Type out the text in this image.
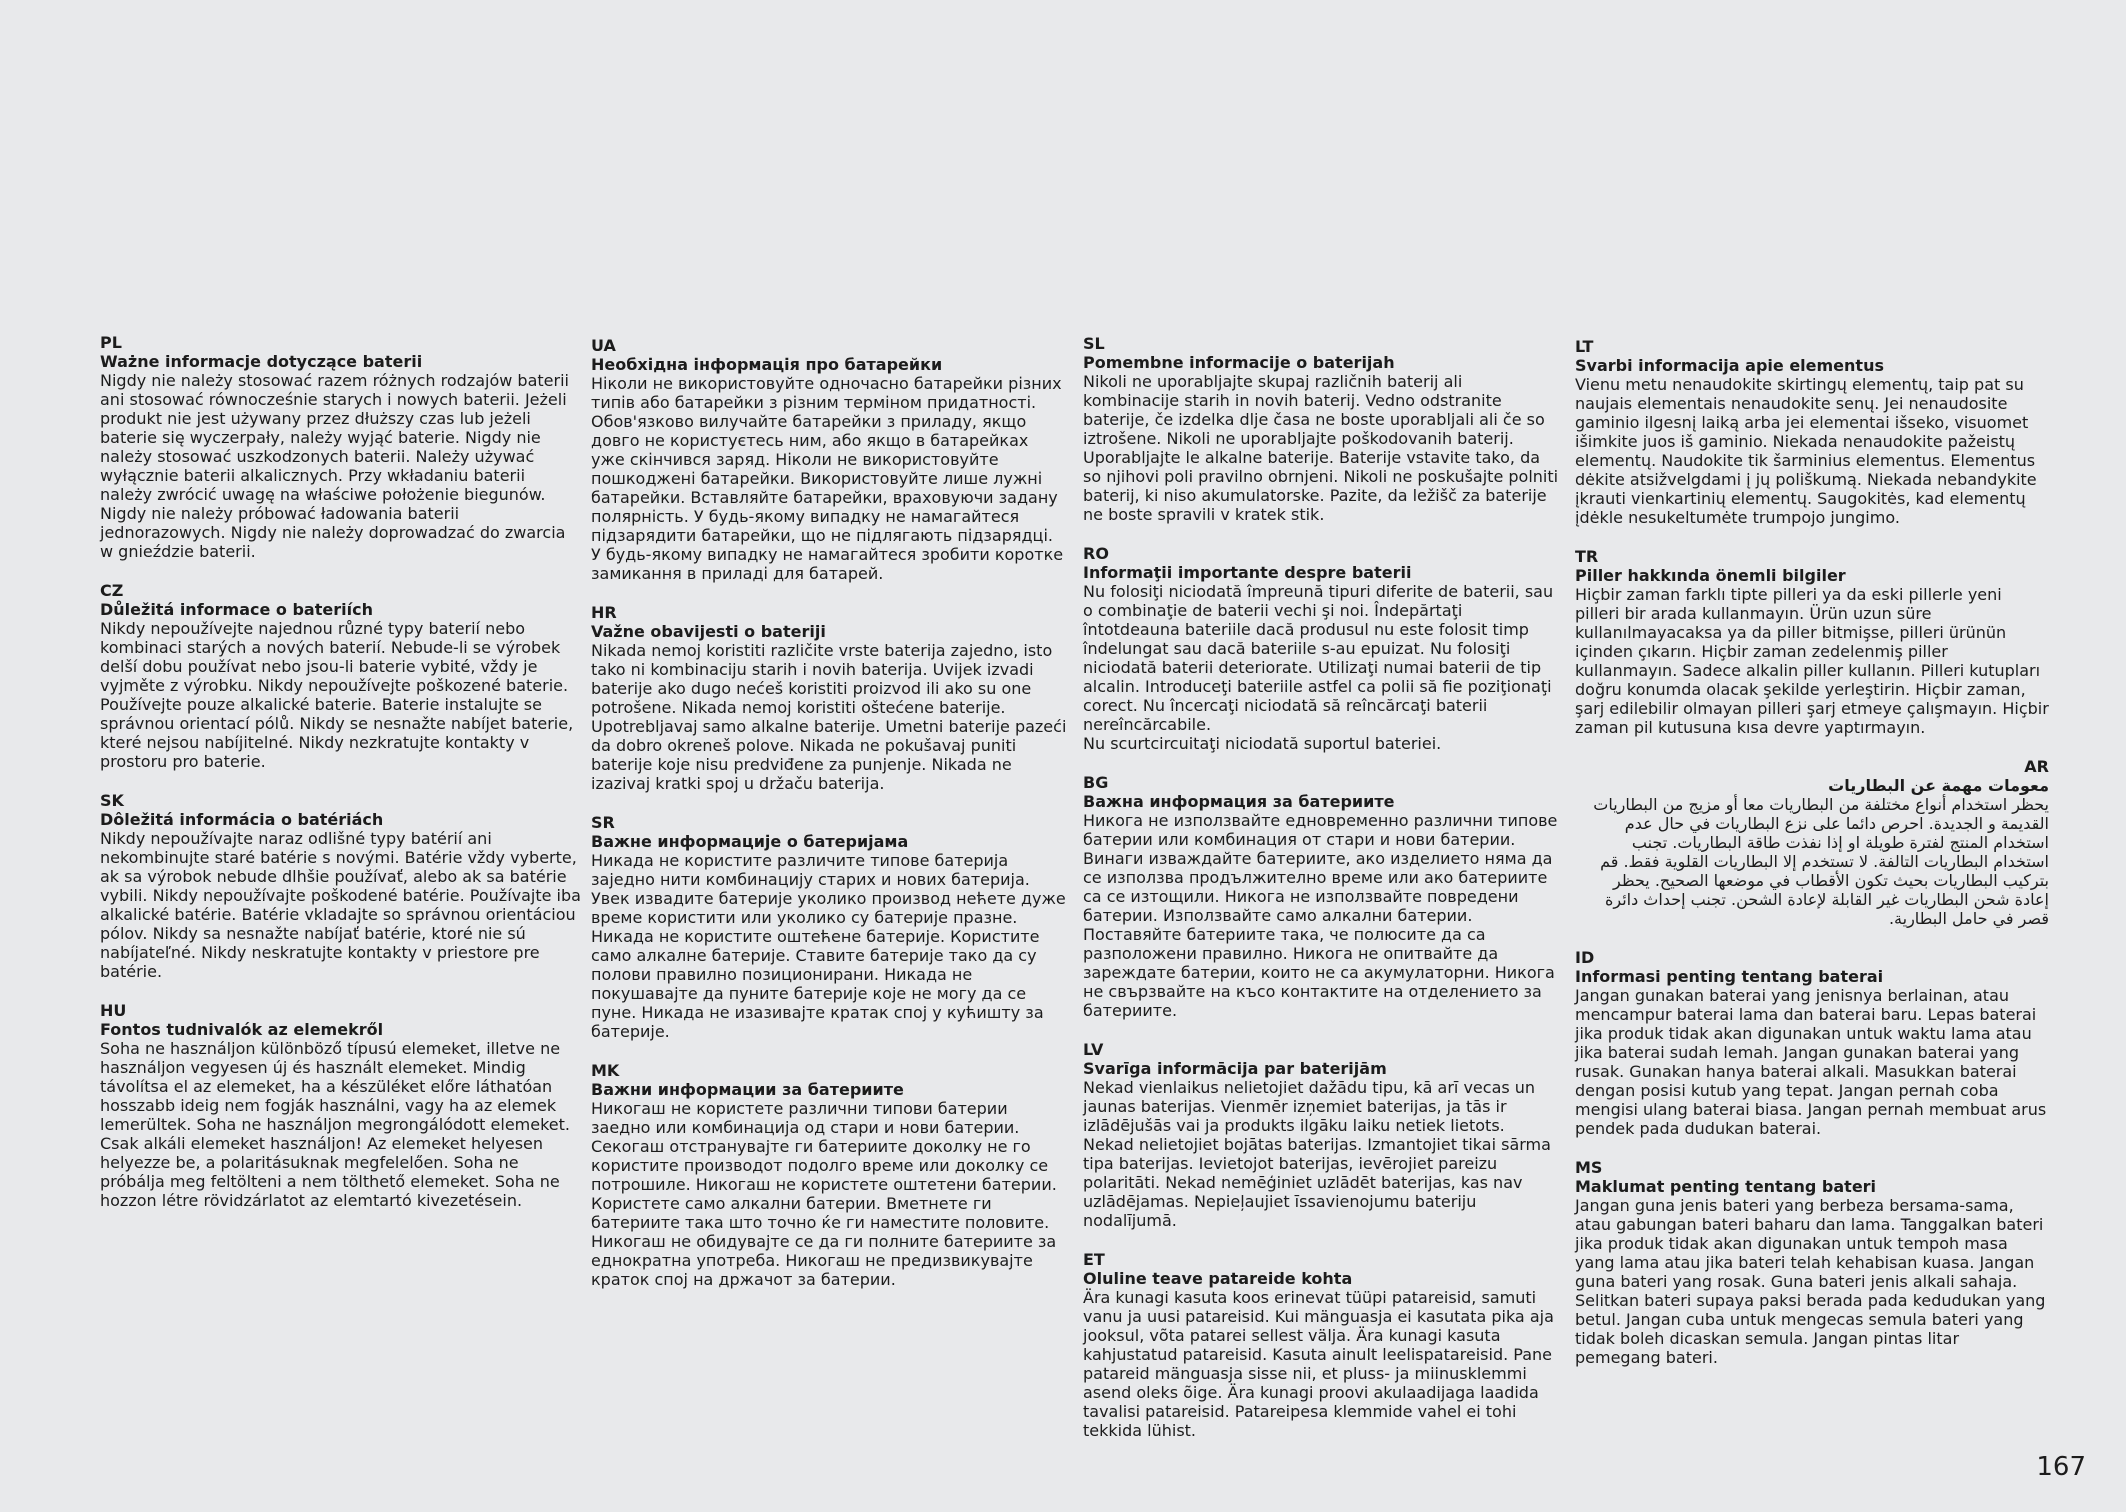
PL
Ważne informacje dotyczące baterii

Nigdy nie należy stosować razem różnych rodzajów baterii ani stosować równocześnie starych i nowych baterii. Jeżeli produkt nie jest używany przez dłuższy czas lub jeżeli baterie się wyczerpały, należy wyjąć baterie. Nigdy nie należy stosować uszkodzonych baterii. Należy używać wyłącznie baterii alkalicznych. Przy wkładaniu baterii należy zwrócić uwagę na właściwe położenie biegunów. Nigdy nie należy próbować ładowania baterii jednorazowych. Nigdy nie należy doprowadzać do zwarcia w gnieździe baterii.

CZ
Důležitá informace o bateriích

Nikdy nepoužívejte najednou různé typy baterií nebo kombinaci starých a nových baterií. Nebude-li se výrobek delší dobu používat nebo jsou-li baterie vybité, vždy je vyjměte z výrobku. Nikdy nepoužívejte poškozené baterie. Používejte pouze alkalické baterie. Baterie instalujte se správnou orientací pólů. Nikdy se nesnažte nabíjet baterie, které nejsou nabíjitelné. Nikdy nezkratujte kontakty v prostoru pro baterie.

SK
Dôležitá informácia o batériách

Nikdy nepoužívajte naraz odlišné typy batérií ani nekombinujte staré batérie s novými. Batérie vždy vyberte, ak sa výrobok nebude dlhšie používať, alebo ak sa batérie vybili. Nikdy nepoužívajte poškodené batérie. Používajte iba alkalické batérie. Batérie vkladajte so správnou orientáciou pólov. Nikdy sa nesnažte nabíjať batérie, ktoré nie sú nabíjateľné. Nikdy neskratujte kontakty v priestore pre batérie.

HU
Fontos tudnivalók az elemekről

Soha ne használjon különböző típusú elemeket, illetve ne használjon vegyesen új és használt elemeket. Mindig távolítsa el az elemeket, ha a készüléket előre láthatóan hosszabb ideig nem fogják használni, vagy ha az elemek lemerültek. Soha ne használjon megrongálódott elemeket. Csak alkáli elemeket használjon! Az elemeket helyesen helyezze be, a polaritásuknak megfelelően. Soha ne próbálja meg feltölteni a nem tölthető elemeket. Soha ne hozzon létre rövidzárlatot az elemtartó kivezetésein.

UA
Необхідна інформація про батарейки

Ніколи не використовуйте одночасно батарейки різних типів або батарейки з різним терміном придатності. Обов'язково вилучайте батарейки з приладу, якщо довго не користуєтесь ним, або якщо в батарейках уже скінчився заряд. Ніколи не використовуйте пошкоджені батарейки. Використовуйте лише лужні батарейки. Вставляйте батарейки, враховуючи задану полярність. У будь-якому випадку не намагайтеся підзарядити батарейки, що не підлягають підзарядці. У будь-якому випадку не намагайтеся зробити коротке замикання в приладі для батарей.

HR
Važne obavijesti o bateriji

Nikada nemoj koristiti različite vrste baterija zajedno, isto tako ni kombinaciju starih i novih baterija. Uvijek izvadi baterije ako dugo nećeš koristiti proizvod ili ako su one potrošene. Nikada nemoj koristiti oštećene baterije. Upotrebljavaj samo alkalne baterije. Umetni baterije pazeći da dobro okreneš polove. Nikada ne pokušavaj puniti baterije koje nisu predviđene za punjenje. Nikada ne izazivaj kratki spoj u držaču baterija.

SR
Важне информације о батеријама

Никада не користите различите типове батерија заједно нити комбинацију старих и нових батерија. Увек извадите батерије уколико производ нећете дуже време користити или уколико су батерије празне. Никада не користите оштећене батерије. Користите само алкалне батерије. Ставите батерије тако да су полови правилно позиционирани. Никада не покушавајте да пуните батерије које не могу да се пуне. Никада не изазивајте кратак спој у кућишту за батерије.

MK
Важни информации за батериите

Никогаш не користете различни типови батерии заедно или комбинација од стари и нови батерии. Секогаш отстранувајте ги батериите доколку не го користите производот подолго време или доколку се потрошиле. Никогаш не користете оштетени батерии. Користете само алкални батерии. Вметнете ги батериите така што точно ќе ги наместите половите. Никогаш не обидувајте се да ги полните батериите за еднократна употреба. Никогаш не предизвикувајте краток спој на држачот за батерии.

SL
Pomembne informacije o baterijah

Nikoli ne uporabljajte skupaj različnih baterij ali kombinacije starih in novih baterij. Vedno odstranite baterije, če izdelka dlje časa ne boste uporabljali ali če so iztrošene. Nikoli ne uporabljajte poškodovanih baterij. Uporabljajte le alkalne baterije. Baterije vstavite tako, da so njihovi poli pravilno obrnjeni. Nikoli ne poskušajte polniti baterij, ki niso akumulatorske. Pazite, da ležišč za baterije ne boste spravili v kratek stik.

RO
Informaţii importante despre baterii

Nu folosiţi niciodată împreună tipuri diferite de baterii, sau o combinaţie de baterii vechi şi noi. Îndepărtaţi întotdeauna bateriile dacă produsul nu este folosit timp îndelungat sau dacă bateriile s-au epuizat. Nu folosiţi niciodată baterii deteriorate. Utilizaţi numai baterii de tip alcalin. Introduceţi bateriile astfel ca polii să fie poziţionaţi corect. Nu încercaţi niciodată să reîncărcaţi baterii nereîncărcabile.

Nu scurtcircuitaţi niciodată suportul bateriei.

BG
Важна информация за батериите

Никога не използвайте едновременно различни типове батерии или комбинация от стари и нови батерии. Винаги изваждайте батериите, ако изделието няма да се използва продължително време или ако батериите са се изтощили. Никога не използвайте повредени батерии. Използвайте само алкални батерии. Поставяйте батериите така, че полюсите да са разположени правилно. Никога не опитвайте да зареждате батерии, които не са акумулаторни. Никога не свързвайте на късо контактите на отделението за батериите.

LV
Svarīga informācija par baterijām

Nekad vienlaikus nelietojiet dažādu tipu, kā arī vecas un jaunas baterijas. Vienmēr izņemiet baterijas, ja tās ir izlādējušās vai ja produkts ilgāku laiku netiek lietots. Nekad nelietojiet bojātas baterijas. Izmantojiet tikai sārma tipa baterijas. Ievietojot baterijas, ievērojiet pareizu polaritāti. Nekad nemēģiniet uzlādēt baterijas, kas nav uzlādējamas. Nepieļaujiet īssavienojumu bateriju nodalījumā.

ET
Oluline teave patareide kohta

Ära kunagi kasuta koos erinevat tüüpi patareisid, samuti vanu ja uusi patareisid. Kui mänguasja ei kasutata pika aja jooksul, võta patarei sellest välja. Ära kunagi kasuta kahjustatud patareisid. Kasuta ainult leelispatareisid. Pane patareid mänguasja sisse nii, et pluss- ja miinusklemmi asend oleks õige. Ära kunagi proovi akulaadijaga laadida tavalisi patareisid. Patareipesa klemmide vahel ei tohi tekkida lühist.

LT
Svarbi informacija apie elementus

Vienu metu nenaudokite skirtingų elementų, taip pat su naujais elementais nenaudokite senų. Jei nenaudosite gaminio ilgesnį laiką arba jei elementai išseko, visuomet išimkite juos iš gaminio. Niekada nenaudokite pažeistų elementų. Naudokite tik šarminius elementus. Elementus dėkite atsižvelgdami į jų poliškumą. Niekada nebandykite įkrauti vienkartinių elementų. Saugokitės, kad elementų įdėkle nesukeltumėte trumpojo jungimo.

TR
Piller hakkında önemli bilgiler

Hiçbir zaman farklı tipte pilleri ya da eski pillerle yeni pilleri bir arada kullanmayın. Ürün uzun süre kullanılmayacaksa ya da piller bitmişse, pilleri ürünün içinden çıkarın. Hiçbir zaman zedelenmiş piller kullanmayın. Sadece alkalin piller kullanın. Pilleri kutupları doğru konumda olacak şekilde yerleştirin. Hiçbir zaman, şarj edilebilir olmayan pilleri şarj etmeye çalışmayın. Hiçbir zaman pil kutusuna kısa devre yaptırmayın.

AR
معومات مهمة عن البطاريات

يحظر استخدام أنواع مختلفة من البطاريات معا أو مزيج من البطاريات القديمة و الجديدة. احرص دائما على نزع البطاريات في حال عدم استخدام المنتج لفترة طويلة او إذا نفذت طاقة البطاريات. تجنب استخدام البطاريات التالفة. لا تستخدم إلا البطاريات القلوية فقط. قم بتركيب البطاريات بحيث تكون الأقطاب في موضعها الصحيح. يحظر إعادة شحن البطاريات غير القابلة لإعادة الشحن. تجنب إحداث دائرة قصر في حامل البطارية.

ID
Informasi penting tentang baterai

Jangan gunakan baterai yang jenisnya berlainan, atau mencampur baterai lama dan baterai baru. Lepas baterai jika produk tidak akan digunakan untuk waktu lama atau jika baterai sudah lemah. Jangan gunakan baterai yang rusak. Gunakan hanya baterai alkali. Masukkan baterai dengan posisi kutub yang tepat. Jangan pernah coba mengisi ulang baterai biasa. Jangan pernah membuat arus pendek pada dudukan baterai.

MS
Maklumat penting tentang bateri

Jangan guna jenis bateri yang berbeza bersama-sama, atau gabungan bateri baharu dan lama. Tanggalkan bateri jika produk tidak akan digunakan untuk tempoh masa yang lama atau jika bateri telah kehabisan kuasa. Jangan guna bateri yang rosak. Guna bateri jenis alkali sahaja. Selitkan bateri supaya paksi berada pada kedudukan yang betul. Jangan cuba untuk mengecas semula bateri yang tidak boleh dicaskan semula. Jangan pintas litar pemegang bateri.

167
